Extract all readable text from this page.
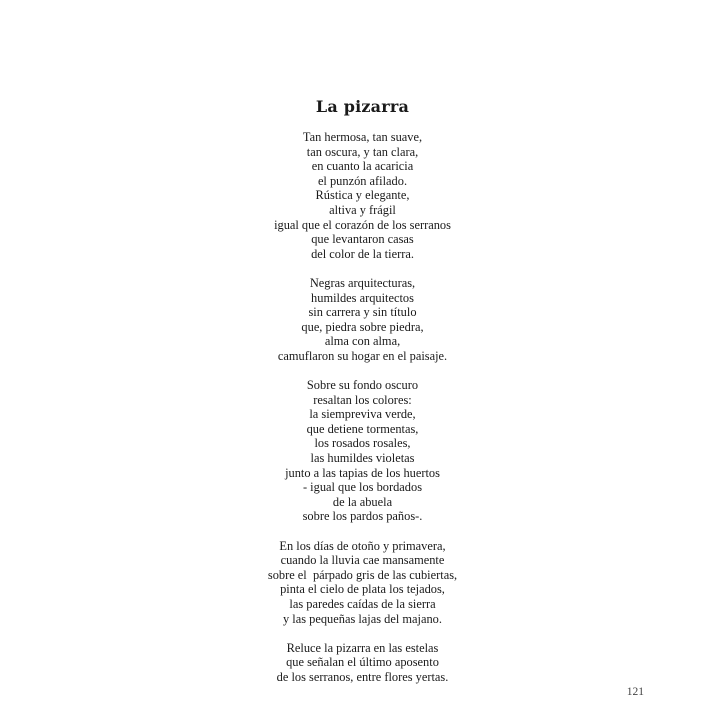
La pizarra
Tan hermosa, tan suave,
tan oscura, y tan clara,
en cuanto la acaricia
el punzón afilado.
Rústica y elegante,
altiva y frágil
igual que el corazón de los serranos
que levantaron casas
del color de la tierra.
Negras arquitecturas,
humildes arquitectos
sin carrera y sin título
que, piedra sobre piedra,
alma con alma,
camuflaron su hogar en el paisaje.
Sobre su fondo oscuro
resaltan los colores:
la siempreviva verde,
que detiene tormentas,
los rosados rosales,
las humildes violetas
junto a las tapias de los huertos
- igual que los bordados
de la abuela
sobre los pardos paños-.
En los días de otoño y primavera,
cuando la lluvia cae mansamente
sobre el  párpado gris de las cubiertas,
pinta el cielo de plata los tejados,
las paredes caídas de la sierra
y las pequeñas lajas del majano.
Reluce la pizarra en las estelas
que señalan el último aposento
de los serranos, entre flores yertas.
121
